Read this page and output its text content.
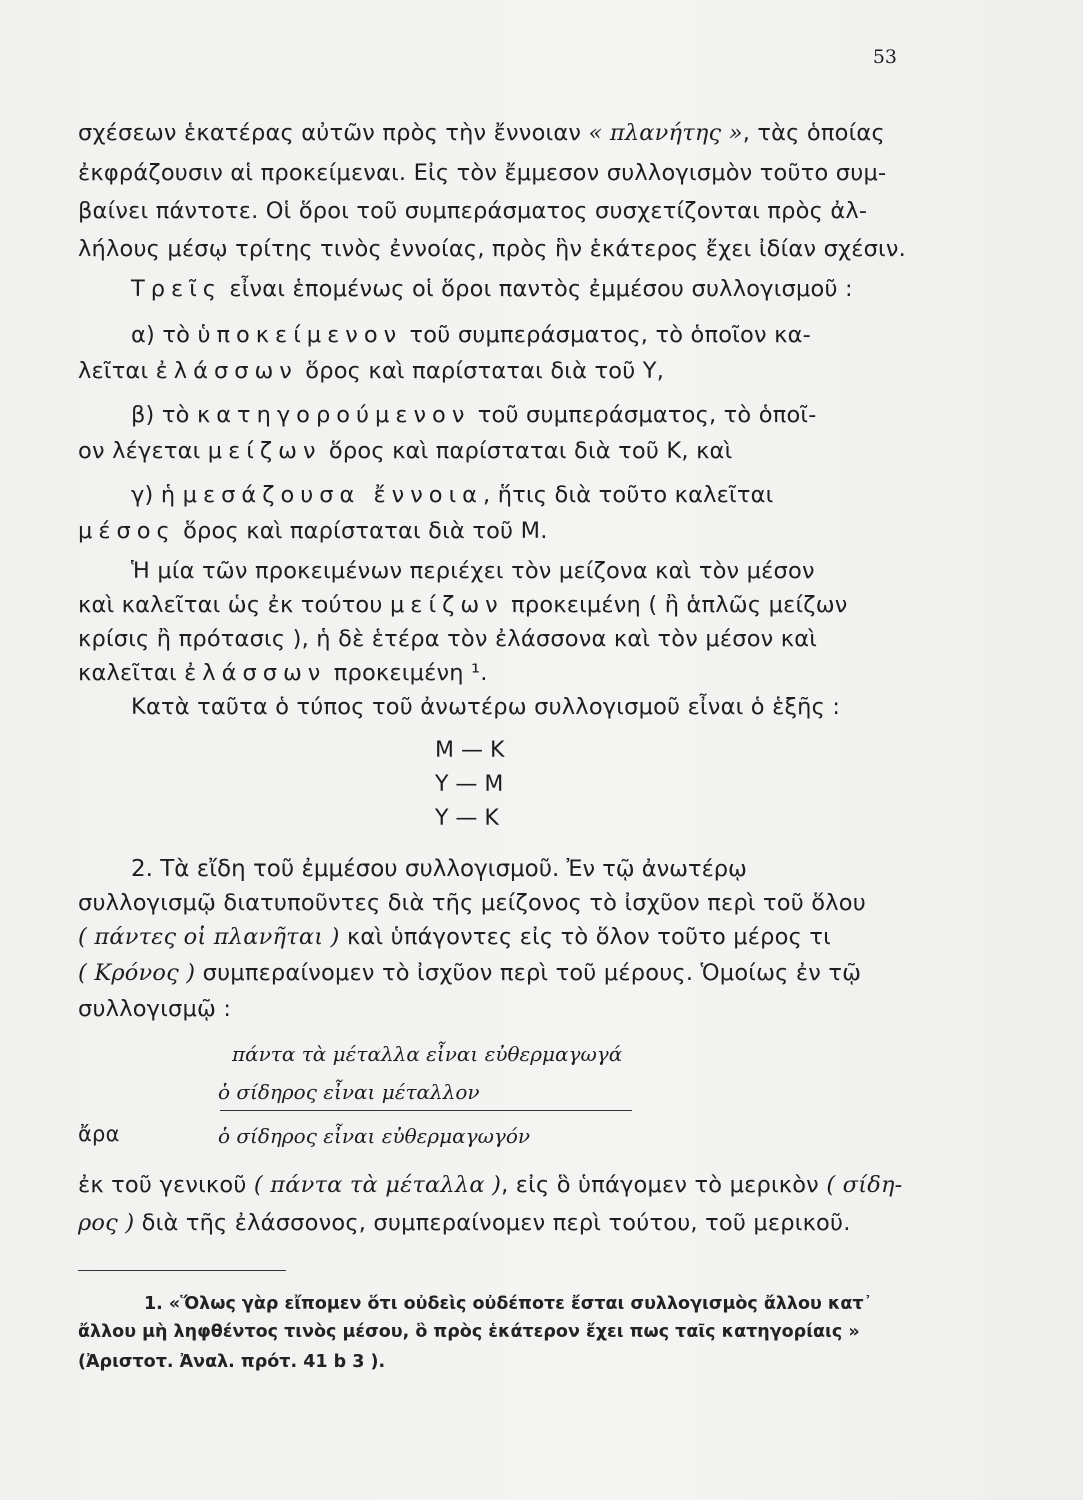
53
σχέσεων ἑκατέρας αὐτῶν πρὸς τὴν ἔννοιαν « πλανήτης », τὰς ὁποίας
ἐκφράζουσιν αἱ προκείμεναι. Εἰς τὸν ἔμμεσον συλλογισμὸν τοῦτο συμ-
βαίνει πάντοτε. Οἱ ὅροι τοῦ συμπεράσματος συσχετίζονται πρὸς ἀλ-
λήλους μέσῳ τρίτης τινὸς ἐννοίας, πρὸς ἣν ἑκάτερος ἔχει ἰδίαν σχέσιν.
Τρεῖς εἶναι ἑπομένως οἱ ὅροι παντὸς ἐμμέσου συλλογισμοῦ :
α) τὸ ὑποκείμενον τοῦ συμπεράσματος, τὸ ὁποῖον κα-
λεῖται ἐλάσσων ὅρος καὶ παρίσταται διὰ τοῦ Υ,
β) τὸ κατηγορούμενον τοῦ συμπεράσματος, τὸ ὁποῖ-
ον λέγεται μείζων ὅρος καὶ παρίσταται διὰ τοῦ Κ, καὶ
γ) ἡ μεσάζουσα ἔννοια, ἥτις διὰ τοῦτο καλεῖται
μέσος ὅρος καὶ παρίσταται διὰ τοῦ Μ.
Ἡ μία τῶν προκειμένων περιέχει τὸν μείζονα καὶ τὸν μέσον
καὶ καλεῖται ὡς ἐκ τούτου μείζων προκειμένη ( ἢ ἁπλῶς μείζων
κρίσις ἢ πρότασις ), ἡ δὲ ἑτέρα τὸν ἐλάσσονα καὶ τὸν μέσον καὶ
καλεῖται ἐλάσσων προκειμένη ¹.
Κατὰ ταῦτα ὁ τύπος τοῦ ἀνωτέρω συλλογισμοῦ εἶναι ὁ ἑξῆς :
Μ — Κ
Υ — Μ
Υ — Κ
2. Τὰ εἴδη τοῦ ἐμμέσου συλλογισμοῦ. Ἐν τῷ ἀνωτέρῳ
συλλογισμῷ διατυποῦντες διὰ τῆς μείζονος τὸ ἰσχῦον περὶ τοῦ ὅλου
( πάντες οἱ πλανῆται ) καὶ ὑπάγοντες εἰς τὸ ὅλον τοῦτο μέρος τι
( Κρόνος ) συμπεραίνομεν τὸ ἰσχῦον περὶ τοῦ μέρους. Ὁμοίως ἐν τῷ
συλλογισμῷ :
πάντα τὰ μέταλλα εἶναι εὐθερμαγωγά
ὁ σίδηρος εἶναι μέταλλον
ἄρα	ὁ σίδηρος εἶναι εὐθερμαγωγόν
ἐκ τοῦ γενικοῦ ( πάντα τὰ μέταλλα ), εἰς ὃ ὑπάγομεν τὸ μερικὸν ( σίδη-
ρος ) διὰ τῆς ἐλάσσονος, συμπεραίνομεν περὶ τούτου, τοῦ μερικοῦ.
1. «Ὅλως γὰρ εἴπομεν ὅτι οὐδεὶς οὐδέποτε ἔσται συλλογισμὸς ἄλλου κατ᾽
ἄλλου μὴ ληφθέντος τινὸς μέσου, ὃ πρὸς ἑκάτερον ἔχει πως ταῖς κατηγορίαις »
(Ἀριστοτ. Ἀναλ. πρότ. 41 b 3 ).
